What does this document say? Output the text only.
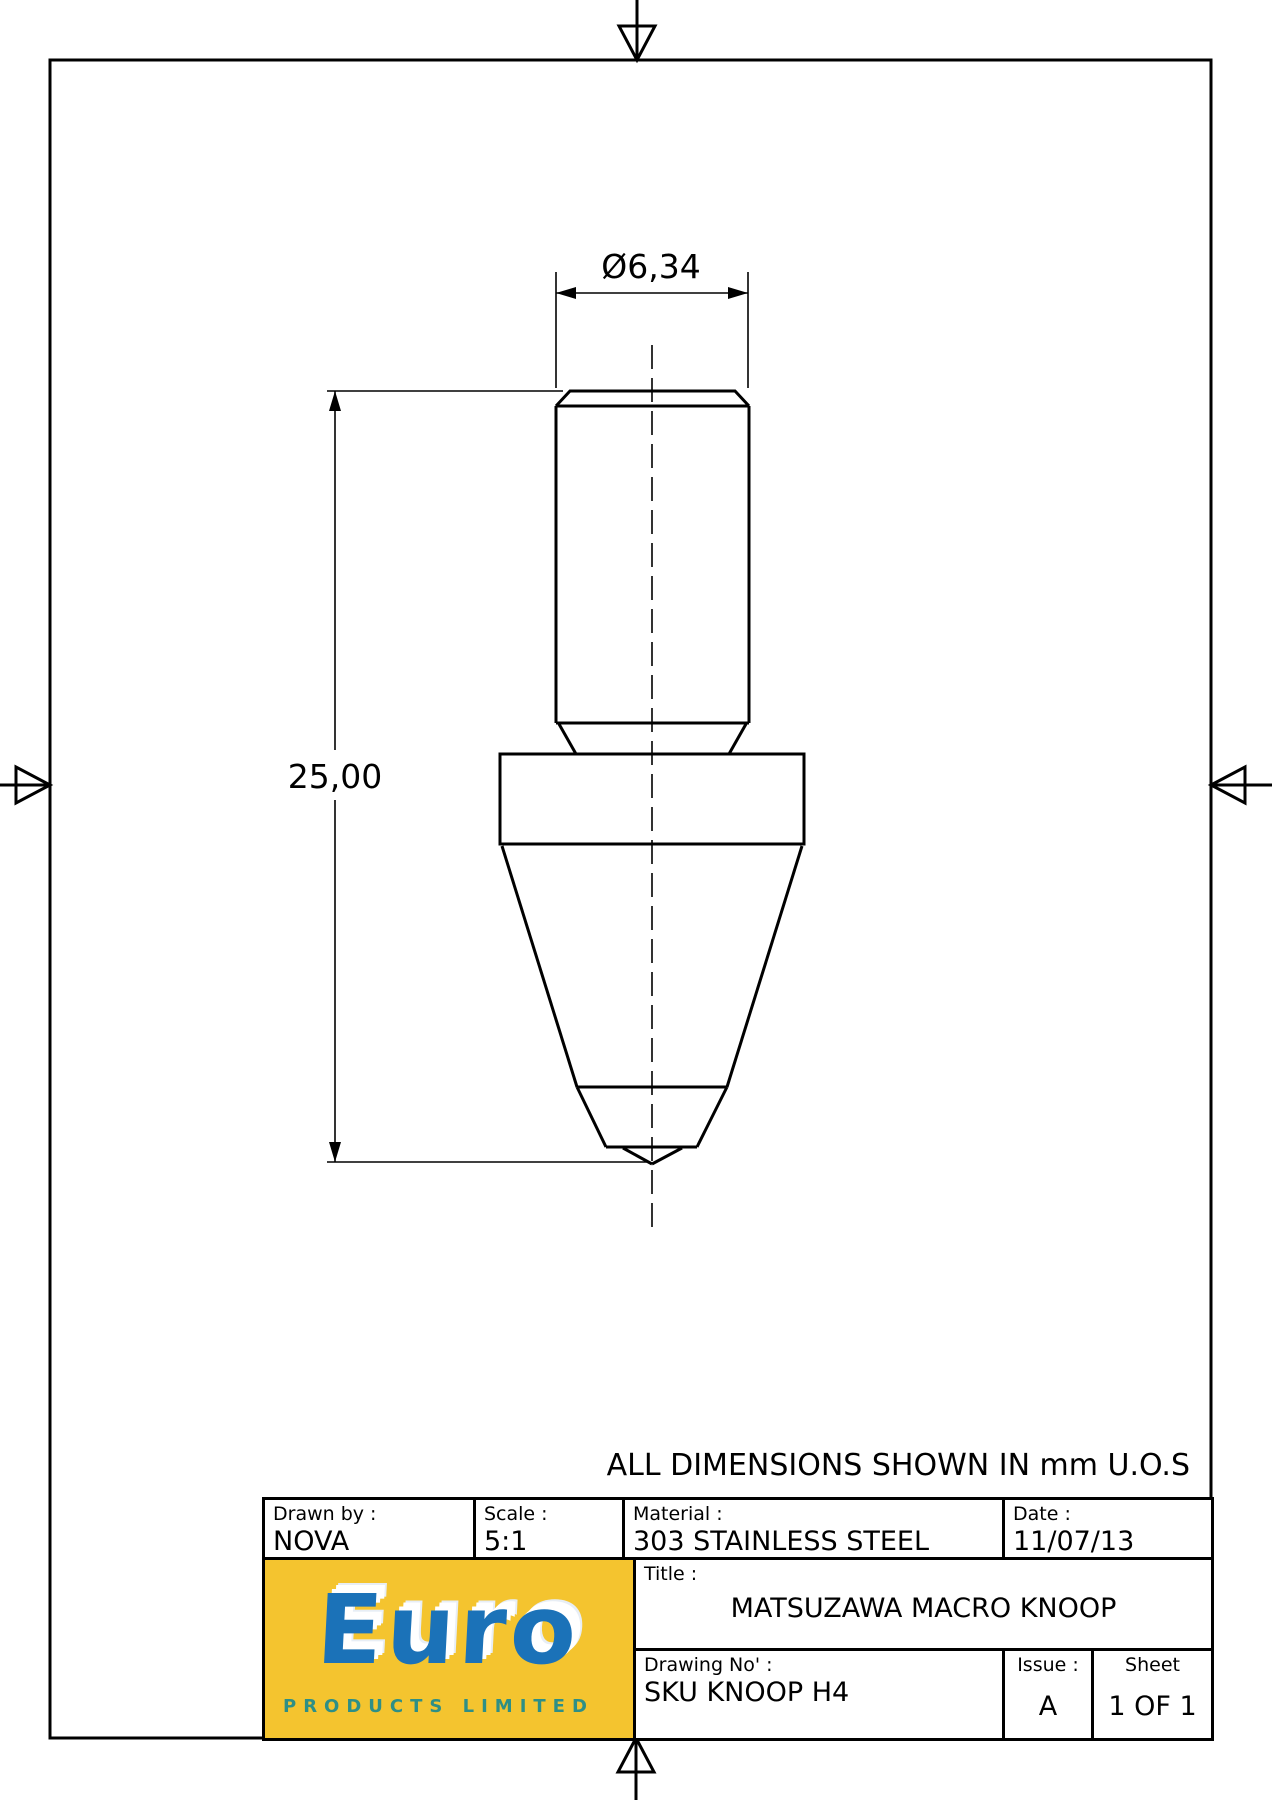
Ø6,34
25,00
ALL DIMENSIONS SHOWN IN mm U.O.S
Drawn by :
NOVA
Scale :
5:1
Material :
303 STAINLESS STEEL
Date :
11/07/13
Euro
PRODUCTS LIMITED
Title :
MATSUZAWA MACRO KNOOP
Drawing No' :
SKU KNOOP H4
Issue :
A
Sheet
1 OF 1
